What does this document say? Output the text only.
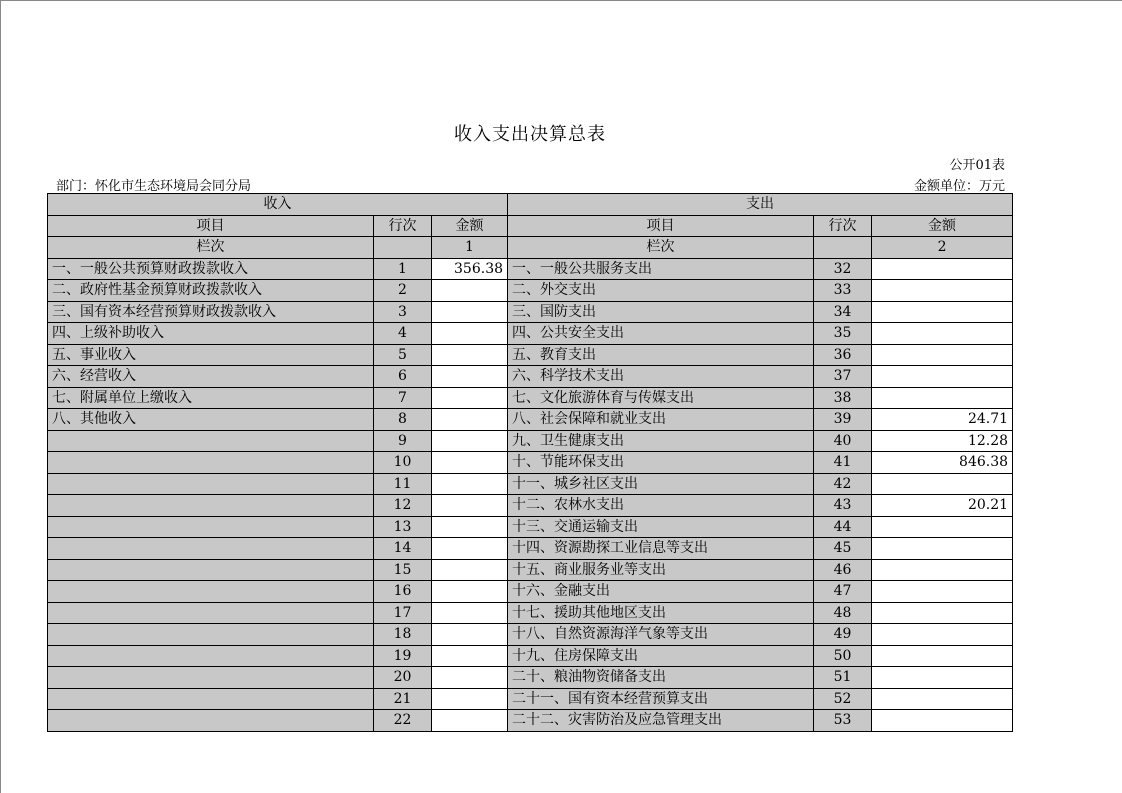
收入支出决算总表
公开01表
部门：怀化市生态环境局会同分局	金额单位：万元
收入			支出		
项目	行次	金额	项目	行次	金额
栏次		1	栏次		2
一、一般公共预算财政拨款收入	1	356.38	一、一般公共服务支出	32	
二、政府性基金预算财政拨款收入	2		二、外交支出	33	
三、国有资本经营预算财政拨款收入	3		三、国防支出	34	
四、上级补助收入	4		四、公共安全支出	35	
五、事业收入	5		五、教育支出	36	
六、经营收入	6		六、科学技术支出	37	
七、附属单位上缴收入	7		七、文化旅游体育与传媒支出	38	
八、其他收入	8		八、社会保障和就业支出	39	24.71
	9		九、卫生健康支出	40	12.28
	10		十、节能环保支出	41	846.38
	11		十一、城乡社区支出	42	
	12		十二、农林水支出	43	20.21
	13		十三、交通运输支出	44	
	14		十四、资源勘探工业信息等支出	45	
	15		十五、商业服务业等支出	46	
	16		十六、金融支出	47	
	17		十七、援助其他地区支出	48	
	18		十八、自然资源海洋气象等支出	49	
	19		十九、住房保障支出	50	
	20		二十、粮油物资储备支出	51	
	21		二十一、国有资本经营预算支出	52	
	22		二十二、灾害防治及应急管理支出	53	
